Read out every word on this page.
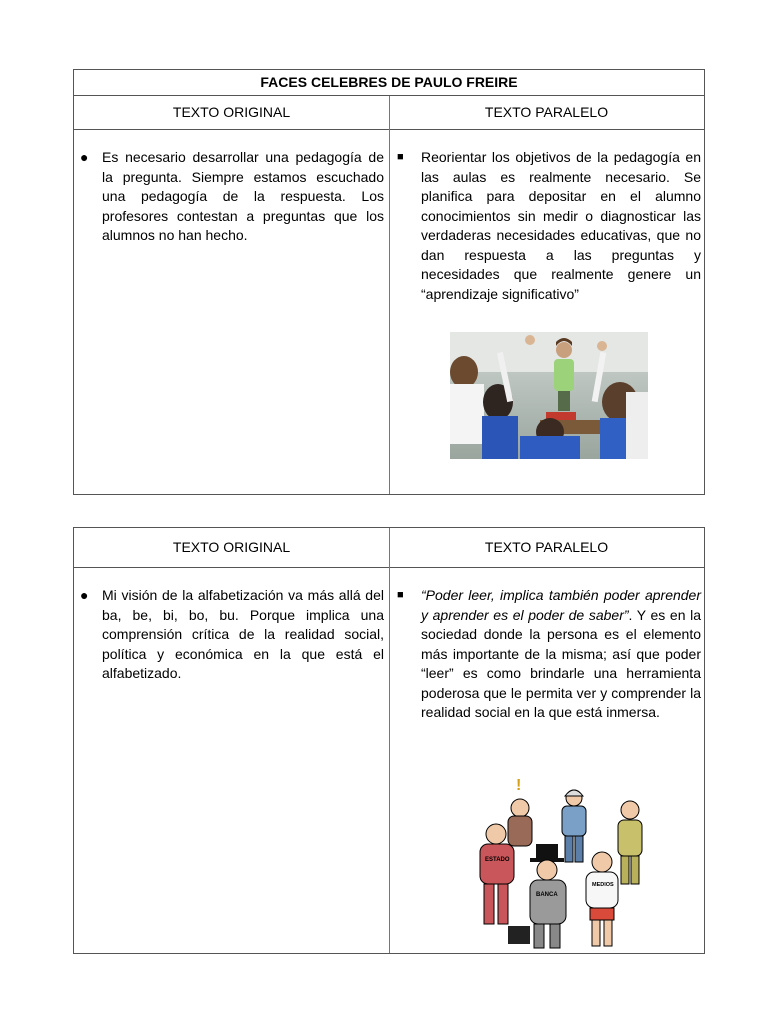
FACES CELEBRES DE PAULO FREIRE
TEXTO ORIGINAL	TEXTO PARALELO
● Es necesario desarrollar una pedagogía de la pregunta. Siempre estamos escuchado una pedagogía de la respuesta. Los profesores contestan a preguntas que los alumnos no han hecho.
■ Reorientar los objetivos de la pedagogía en las aulas es realmente necesario. Se planifica para depositar en el alumno conocimientos sin medir o diagnosticar las verdaderas necesidades educativas, que no dan respuesta a las preguntas y necesidades que realmente genere un “aprendizaje significativo”
TEXTO ORIGINAL	TEXTO PARALELO
● Mi visión de la alfabetización va más allá del ba, be, bi, bo, bu. Porque implica una comprensión crítica de la realidad social, política y económica en la que está el alfabetizado.
■ “Poder leer, implica también poder aprender y aprender es el poder de saber”. Y es en la sociedad donde la persona es el elemento más importante de la misma; así que poder “leer” es como brindarle una herramienta poderosa que le permita ver y comprender la realidad social en la que está inmersa.
!
ESTADO
BANCA
MEDIOS
